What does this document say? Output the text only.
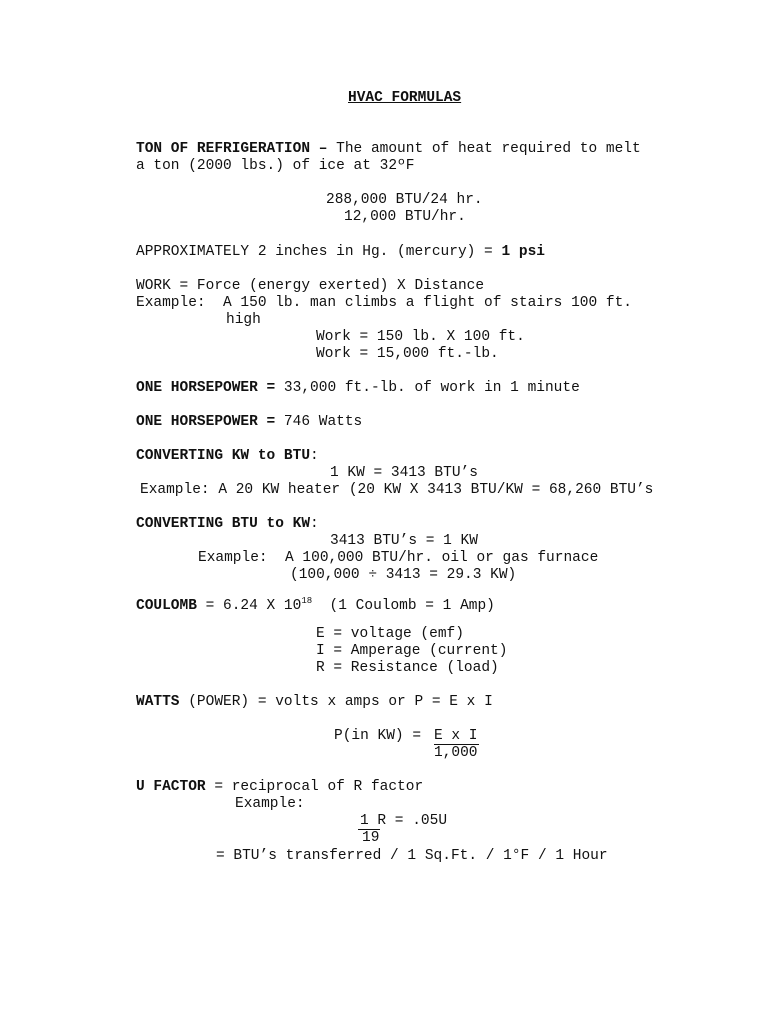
HVAC FORMULAS
TON OF REFRIGERATION – The amount of heat required to melt
a ton (2000 lbs.) of ice at 32ºF
288,000 BTU/24 hr.
12,000 BTU/hr.
APPROXIMATELY 2 inches in Hg. (mercury) = 1 psi
WORK = Force (energy exerted) X Distance
Example:  A 150 lb. man climbs a flight of stairs 100 ft.
high
Work = 150 lb. X 100 ft.
Work = 15,000 ft.-lb.
ONE HORSEPOWER = 33,000 ft.-lb. of work in 1 minute
ONE HORSEPOWER = 746 Watts
CONVERTING KW to BTU:
1 KW = 3413 BTU’s
Example: A 20 KW heater (20 KW X 3413 BTU/KW = 68,260 BTU’s
CONVERTING BTU to KW:
3413 BTU’s = 1 KW
Example:  A 100,000 BTU/hr. oil or gas furnace
(100,000 ÷ 3413 = 29.3 KW)
COULOMB = 6.24 X $10^{18}$  (1 Coulomb = 1 Amp)
E = voltage (emf)
I = Amperage (current)
R = Resistance (load)
WATTS (POWER) = volts x amps or P = E x I
P(in KW) = E x I
1,000
U FACTOR = reciprocal of R factor
Example:
1 R = .05U
19
= BTU’s transferred / 1 Sq.Ft. / 1°F / 1 Hour
